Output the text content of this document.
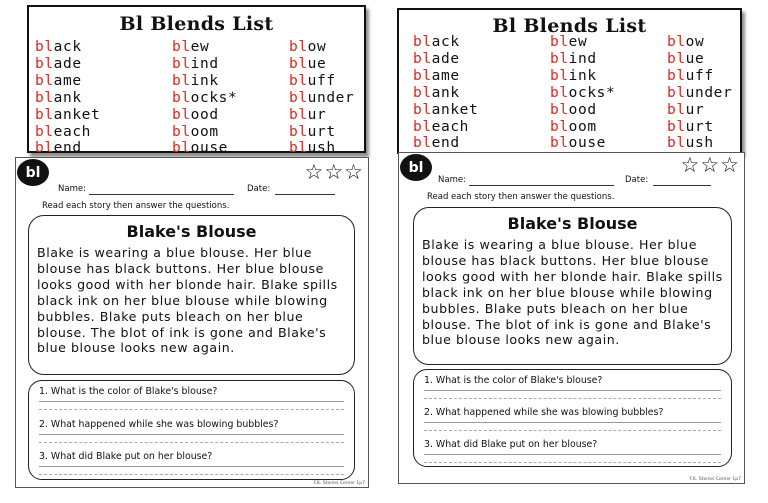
Bl Blends List
black	blew	blow
blade	blind	blue
blame	blink	bluff
blank	blocks*	blunder
blanket	blood	blur
bleach	bloom	blurt
blend	blouse	blush
bl	☆☆☆
Name:	Date:
Read each story then answer the questions.
Blake's Blouse
Blake is wearing a blue blouse. Her blue blouse has black buttons. Her blue blouse looks good with her blonde hair. Blake spills black ink on her blue blouse while blowing bubbles. Blake puts bleach on her blue blouse. The blot of ink is gone and Blake's blue blouse looks new again.
1. What is the color of Blake's blouse?
2. What happened while she was blowing bubbles?
3. What did Blake put on her blouse?
F.K. Stories Corner 1p7
Bl Blends List
black	blew	blow
blade	blind	blue
blame	blink	bluff
blank	blocks*	blunder
blanket	blood	blur
bleach	bloom	blurt
blend	blouse	blush
bl	☆☆☆
Name:	Date:
Read each story then answer the questions.
Blake's Blouse
Blake is wearing a blue blouse. Her blue blouse has black buttons. Her blue blouse looks good with her blonde hair. Blake spills black ink on her blue blouse while blowing bubbles. Blake puts bleach on her blue blouse. The blot of ink is gone and Blake's blue blouse looks new again.
1. What is the color of Blake's blouse?
2. What happened while she was blowing bubbles?
3. What did Blake put on her blouse?
F.K. Stories Corner 1p7
